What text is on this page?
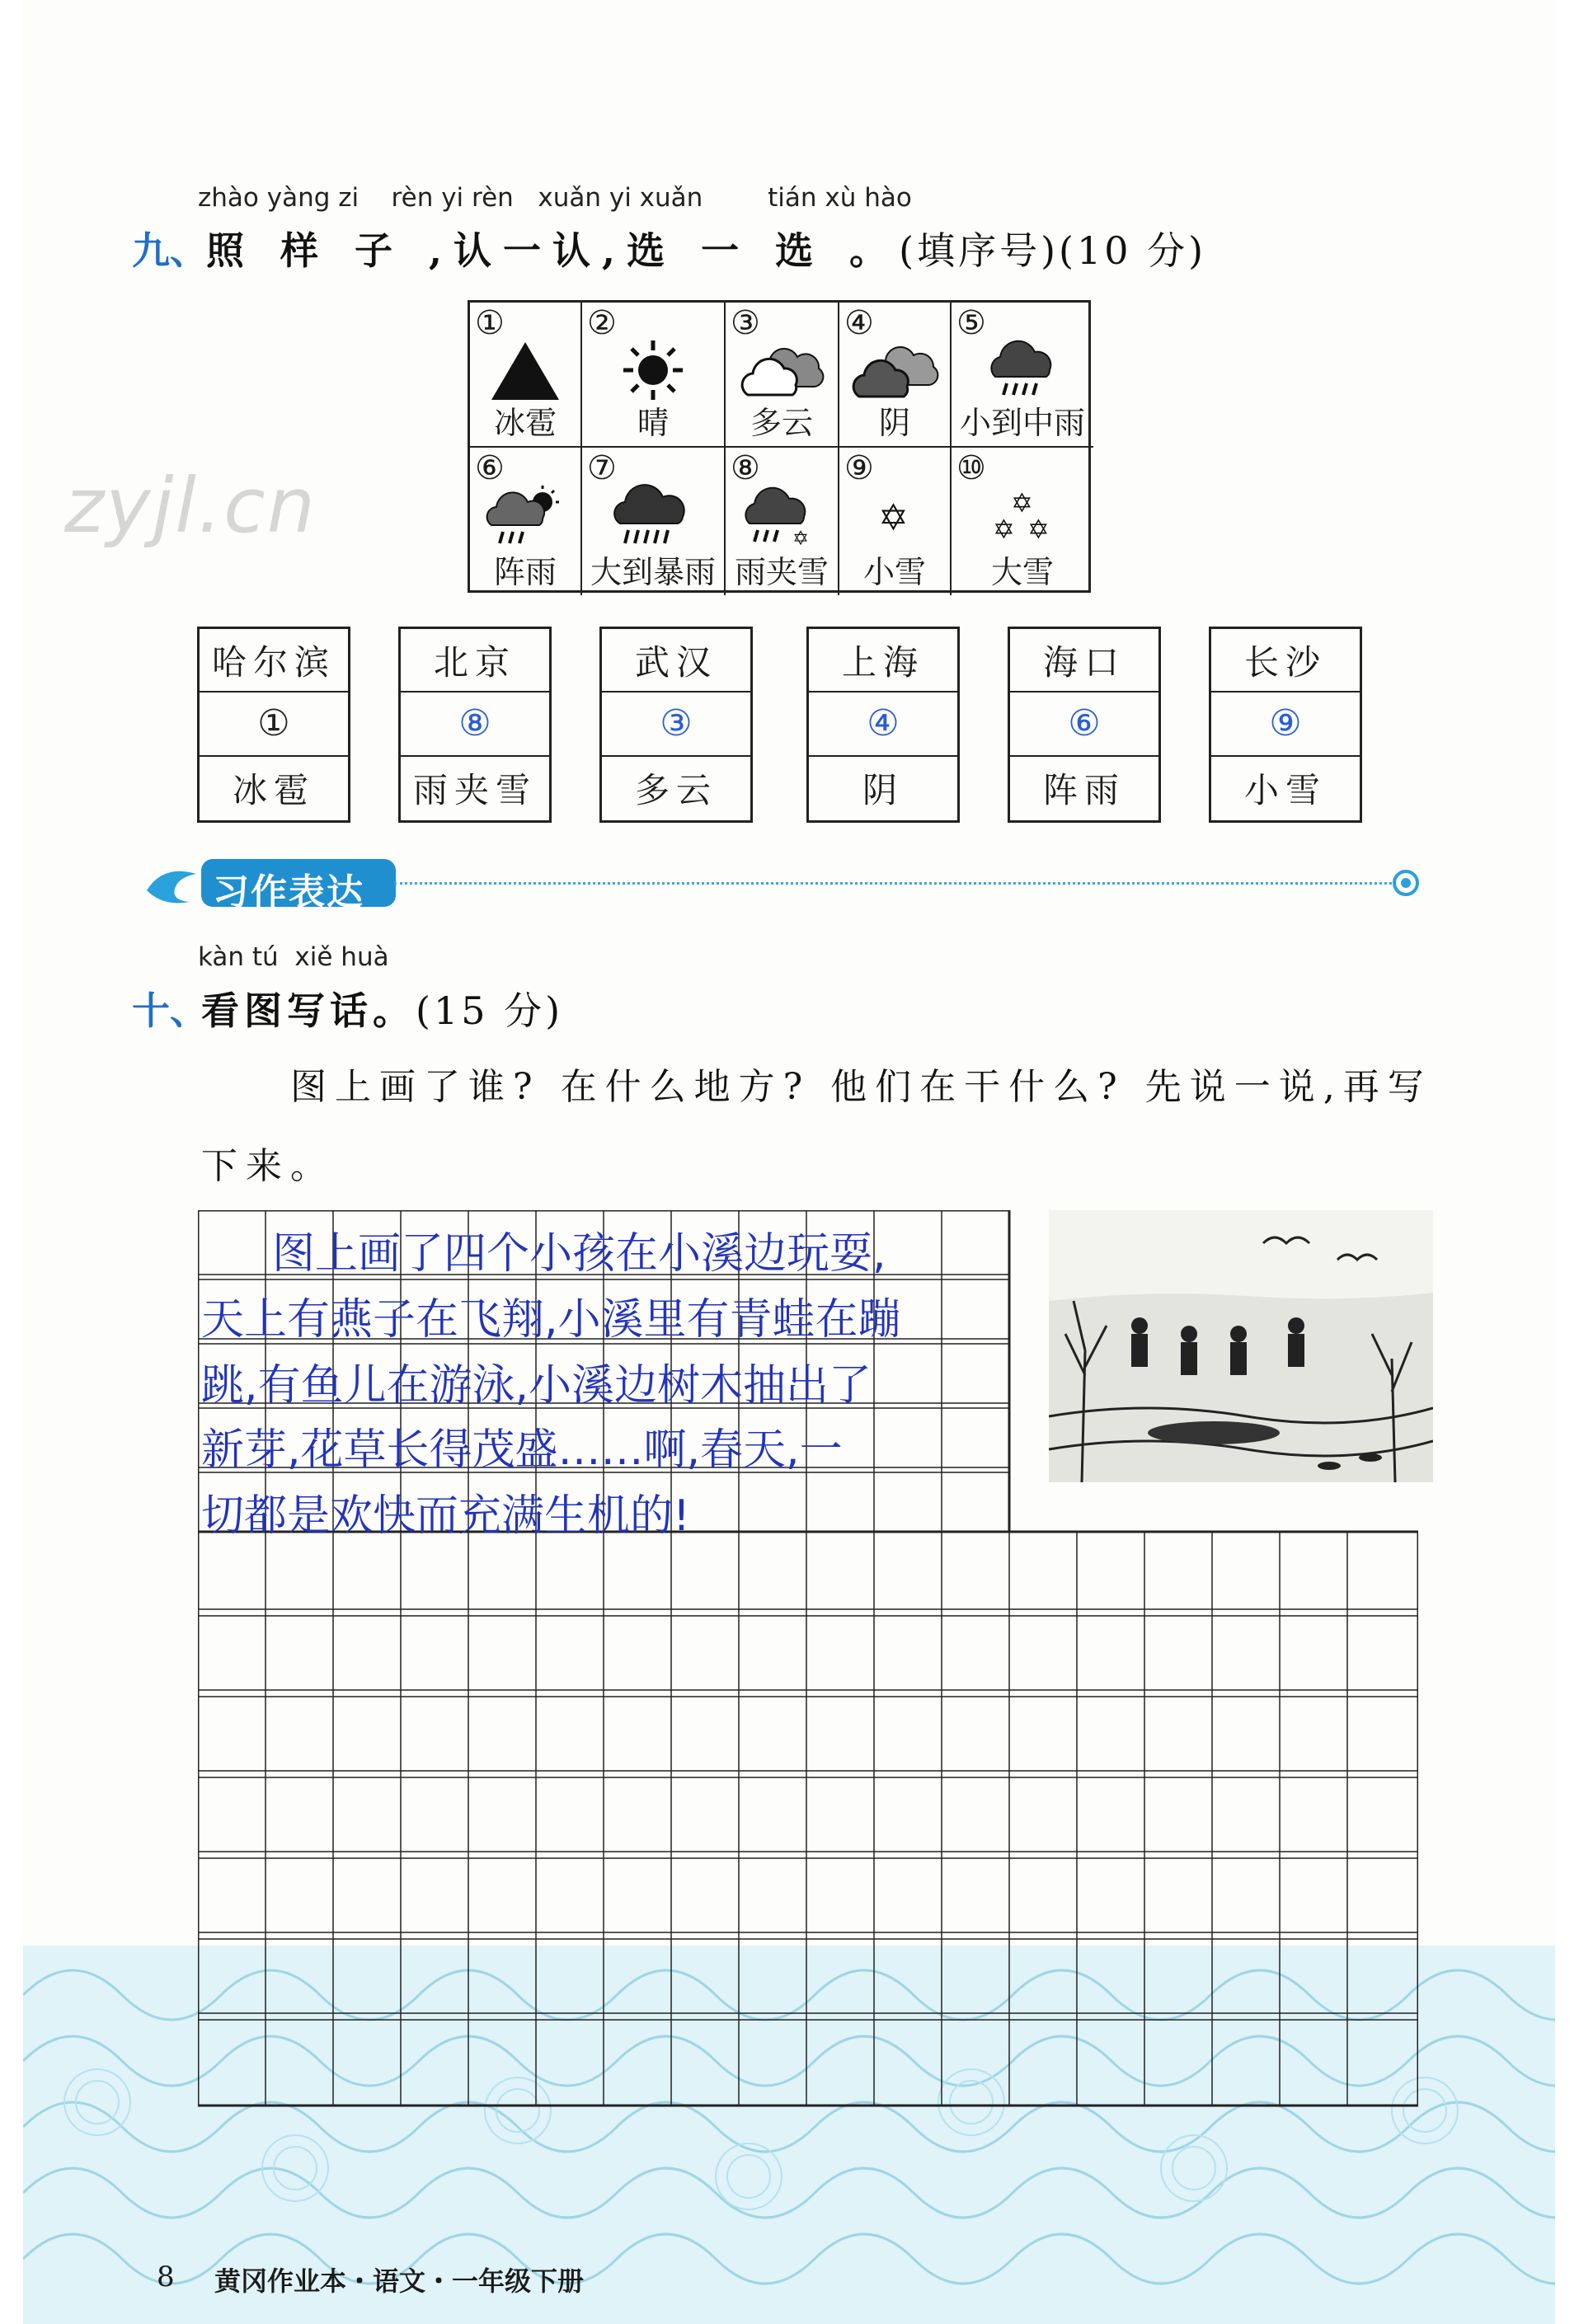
zyjl.cn
zhào yàng zi    rèn yi rèn   xuǎn yi xuǎn        tián xù hào
九、
照 样 子 ,认一认,选 一 选 。(填序号)(10 分)
①
冰雹
②
晴
③
多云
④
阴
⑤
小到中雨
⑥
阵雨
⑦
大到暴雨
⑧
✡
雨夹雪
⑨
✡
小雪
⑩
✡
✡ ✡
大雪
哈尔滨
①
冰雹
北京
⑧
雨夹雪
武汉
③
多云
上海
④
阴
海口
⑥
阵雨
长沙
⑨
小雪
习作表达
kàn tú  xiě huà
十、
看图写话。(15 分)
图上画了谁? 在什么地方? 他们在干什么? 先说一说,再写
下来。
图上画了四个小孩在小溪边玩耍,
天上有燕子在飞翔,小溪里有青蛙在蹦
跳,有鱼儿在游泳,小溪边树木抽出了
新芽,花草长得茂盛……啊,春天,一
切都是欢快而充满生机的!
8 黄冈作业本・语文・一年级下册
